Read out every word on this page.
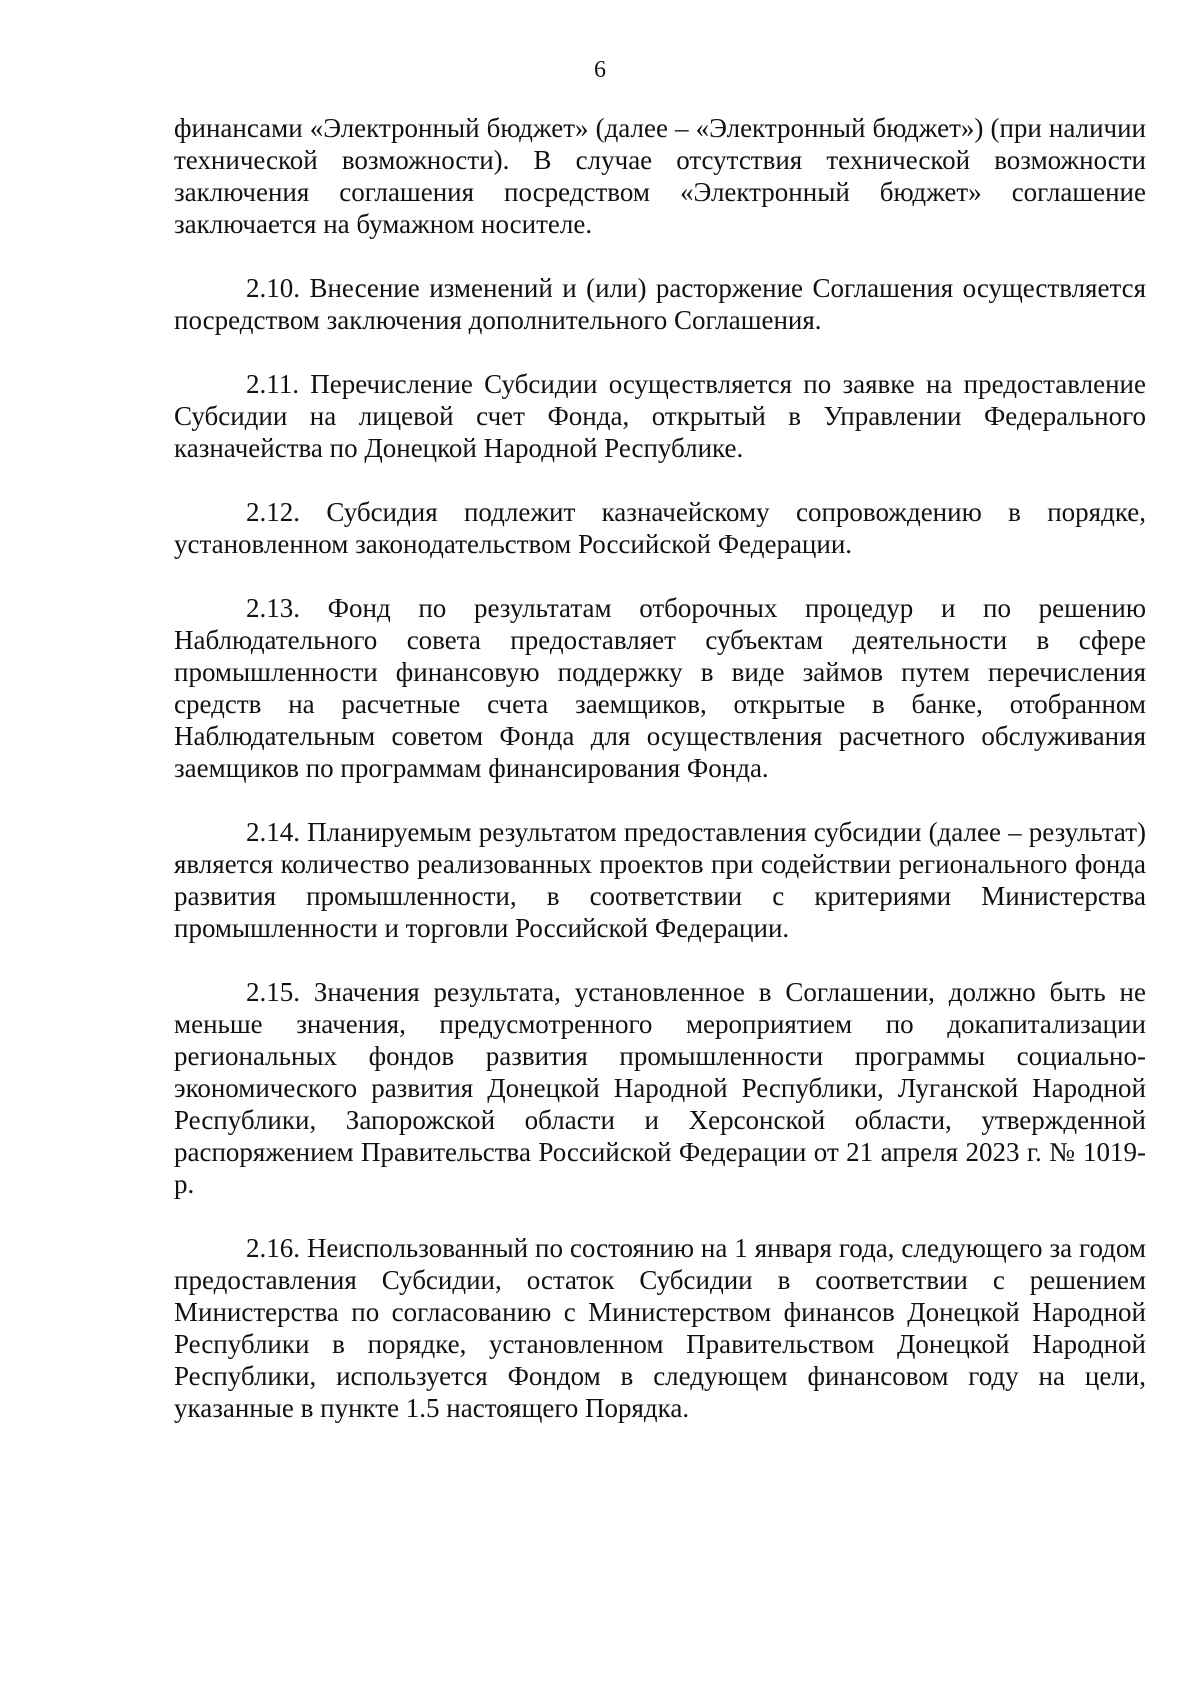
6

финансами «Электронный бюджет» (далее – «Электронный бюджет») (при наличии технической возможности). В случае отсутствия технической возможности заключения соглашения посредством «Электронный бюджет» соглашение заключается на бумажном носителе.

2.10. Внесение изменений и (или) расторжение Соглашения осуществляется посредством заключения дополнительного Соглашения.

2.11. Перечисление Субсидии осуществляется по заявке на предоставление Субсидии на лицевой счет Фонда, открытый в Управлении Федерального казначейства по Донецкой Народной Республике.

2.12. Субсидия подлежит казначейскому сопровождению в порядке, установленном законодательством Российской Федерации.

2.13. Фонд по результатам отборочных процедур и по решению Наблюдательного совета предоставляет субъектам деятельности в сфере промышленности финансовую поддержку в виде займов путем перечисления средств на расчетные счета заемщиков, открытые в банке, отобранном Наблюдательным советом Фонда для осуществления расчетного обслуживания заемщиков по программам финансирования Фонда.

2.14. Планируемым результатом предоставления субсидии (далее – результат) является количество реализованных проектов при содействии регионального фонда развития промышленности, в соответствии с критериями Министерства промышленности и торговли Российской Федерации.

2.15. Значения результата, установленное в Соглашении, должно быть не меньше значения, предусмотренного мероприятием по докапитализации региональных фондов развития промышленности программы социально-экономического развития Донецкой Народной Республики, Луганской Народной Республики, Запорожской области и Херсонской области, утвержденной распоряжением Правительства Российской Федерации от 21 апреля 2023 г. № 1019-р.

2.16. Неиспользованный по состоянию на 1 января года, следующего за годом предоставления Субсидии, остаток Субсидии в соответствии с решением Министерства по согласованию с Министерством финансов Донецкой Народной Республики в порядке, установленном Правительством Донецкой Народной Республики, используется Фондом в следующем финансовом году на цели, указанные в пункте 1.5 настоящего Порядка.
